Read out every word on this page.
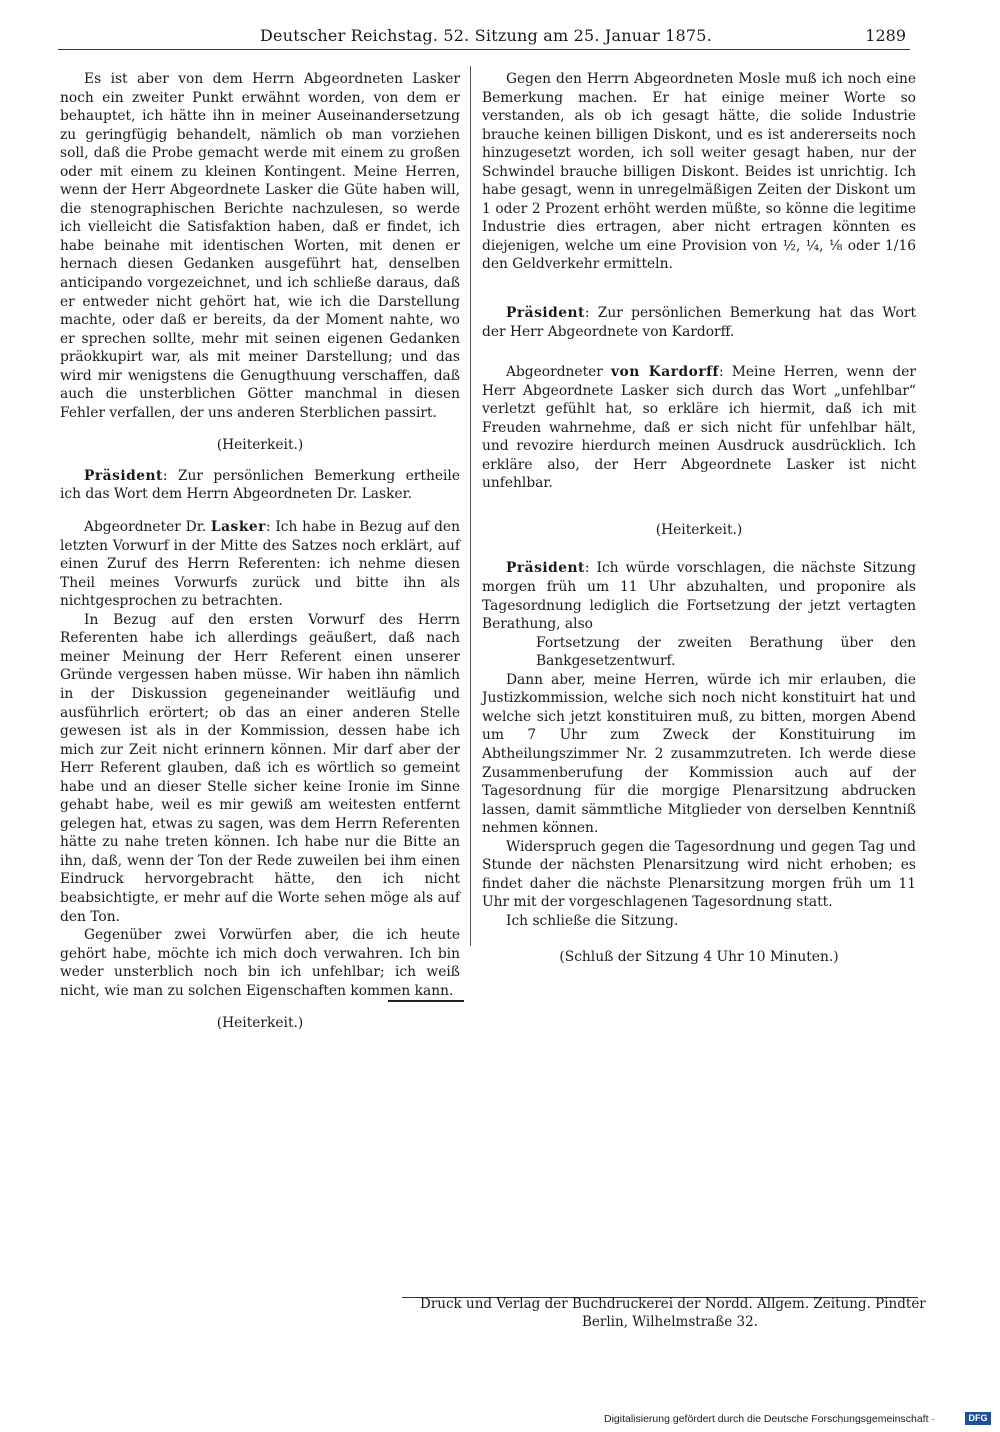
Deutscher Reichstag. 52. Sitzung am 25. Januar 1875.	1289

Es ist aber von dem Herrn Abgeordneten Lasker noch ein zweiter Punkt erwähnt worden, von dem er behauptet, ich hätte ihn in meiner Auseinandersetzung zu geringfügig behandelt, nämlich ob man vorziehen soll, daß die Probe gemacht werde mit einem zu großen oder mit einem zu kleinen Kontingent. Meine Herren, wenn der Herr Abgeordnete Lasker die Güte haben will, die stenographischen Berichte nachzulesen, so werde ich vielleicht die Satisfaktion haben, daß er findet, ich habe beinahe mit identischen Worten, mit denen er hernach diesen Gedanken ausgeführt hat, denselben anticipando vorgezeichnet, und ich schließe daraus, daß er entweder nicht gehört hat, wie ich die Darstellung machte, oder daß er bereits, da der Moment nahte, wo er sprechen sollte, mehr mit seinen eigenen Gedanken präokkupirt war, als mit meiner Darstellung; und das wird mir wenigstens die Genugthuung verschaffen, daß auch die unsterblichen Götter manchmal in diesen Fehler verfallen, der uns anderen Sterblichen passirt.

(Heiterkeit.)

Präsident: Zur persönlichen Bemerkung ertheile ich das Wort dem Herrn Abgeordneten Dr. Lasker.

Abgeordneter Dr. Lasker: Ich habe in Bezug auf den letzten Vorwurf in der Mitte des Satzes noch erklärt, auf einen Zuruf des Herrn Referenten: ich nehme diesen Theil meines Vorwurfs zurück und bitte ihn als nichtgesprochen zu betrachten.

In Bezug auf den ersten Vorwurf des Herrn Referenten habe ich allerdings geäußert, daß nach meiner Meinung der Herr Referent einen unserer Gründe vergessen haben müsse. Wir haben ihn nämlich in der Diskussion gegeneinander weitläufig und ausführlich erörtert; ob das an einer anderen Stelle gewesen ist als in der Kommission, dessen habe ich mich zur Zeit nicht erinnern können. Mir darf aber der Herr Referent glauben, daß ich es wörtlich so gemeint habe und an dieser Stelle sicher keine Ironie im Sinne gehabt habe, weil es mir gewiß am weitesten entfernt gelegen hat, etwas zu sagen, was dem Herrn Referenten hätte zu nahe treten können. Ich habe nur die Bitte an ihn, daß, wenn der Ton der Rede zuweilen bei ihm einen Eindruck hervorgebracht hätte, den ich nicht beabsichtigte, er mehr auf die Worte sehen möge als auf den Ton.

Gegenüber zwei Vorwürfen aber, die ich heute gehört habe, möchte ich mich doch verwahren. Ich bin weder unsterblich noch bin ich unfehlbar; ich weiß nicht, wie man zu solchen Eigenschaften kommen kann.

(Heiterkeit.)

Gegen den Herrn Abgeordneten Mosle muß ich noch eine Bemerkung machen. Er hat einige meiner Worte so verstanden, als ob ich gesagt hätte, die solide Industrie brauche keinen billigen Diskont, und es ist andererseits noch hinzugesetzt worden, ich soll weiter gesagt haben, nur der Schwindel brauche billigen Diskont. Beides ist unrichtig. Ich habe gesagt, wenn in unregelmäßigen Zeiten der Diskont um 1 oder 2 Prozent erhöht werden müßte, so könne die legitime Industrie dies ertragen, aber nicht ertragen könnten es diejenigen, welche um eine Provision von ½, ¼, ⅛ oder 1/16 den Geldverkehr ermitteln.

Präsident: Zur persönlichen Bemerkung hat das Wort der Herr Abgeordnete von Kardorff.

Abgeordneter von Kardorff: Meine Herren, wenn der Herr Abgeordnete Lasker sich durch das Wort „unfehlbar“ verletzt gefühlt hat, so erkläre ich hiermit, daß ich mit Freuden wahrnehme, daß er sich nicht für unfehlbar hält, und revozire hierdurch meinen Ausdruck ausdrücklich. Ich erkläre also, der Herr Abgeordnete Lasker ist nicht unfehlbar.

(Heiterkeit.)

Präsident: Ich würde vorschlagen, die nächste Sitzung morgen früh um 11 Uhr abzuhalten, und proponire als Tagesordnung lediglich die Fortsetzung der jetzt vertagten Berathung, also

Fortsetzung der zweiten Berathung über den Bankgesetzentwurf.

Dann aber, meine Herren, würde ich mir erlauben, die Justizkommission, welche sich noch nicht konstituirt hat und welche sich jetzt konstituiren muß, zu bitten, morgen Abend um 7 Uhr zum Zweck der Konstituirung im Abtheilungszimmer Nr. 2 zusammzutreten. Ich werde diese Zusammenberufung der Kommission auch auf der Tagesordnung für die morgige Plenarsitzung abdrucken lassen, damit sämmtliche Mitglieder von derselben Kenntniß nehmen können.

Widerspruch gegen die Tagesordnung und gegen Tag und Stunde der nächsten Plenarsitzung wird nicht erhoben; es findet daher die nächste Plenarsitzung morgen früh um 11 Uhr mit der vorgeschlagenen Tagesordnung statt.

Ich schließe die Sitzung.

(Schluß der Sitzung 4 Uhr 10 Minuten.)

Druck und Verlag der Buchdruckerei der Nordd. Allgem. Zeitung. Pindter
Berlin, Wilhelmstraße 32.
Digitalisierung gefördert durch die Deutsche Forschungsgemeinschaft ·	DFG
